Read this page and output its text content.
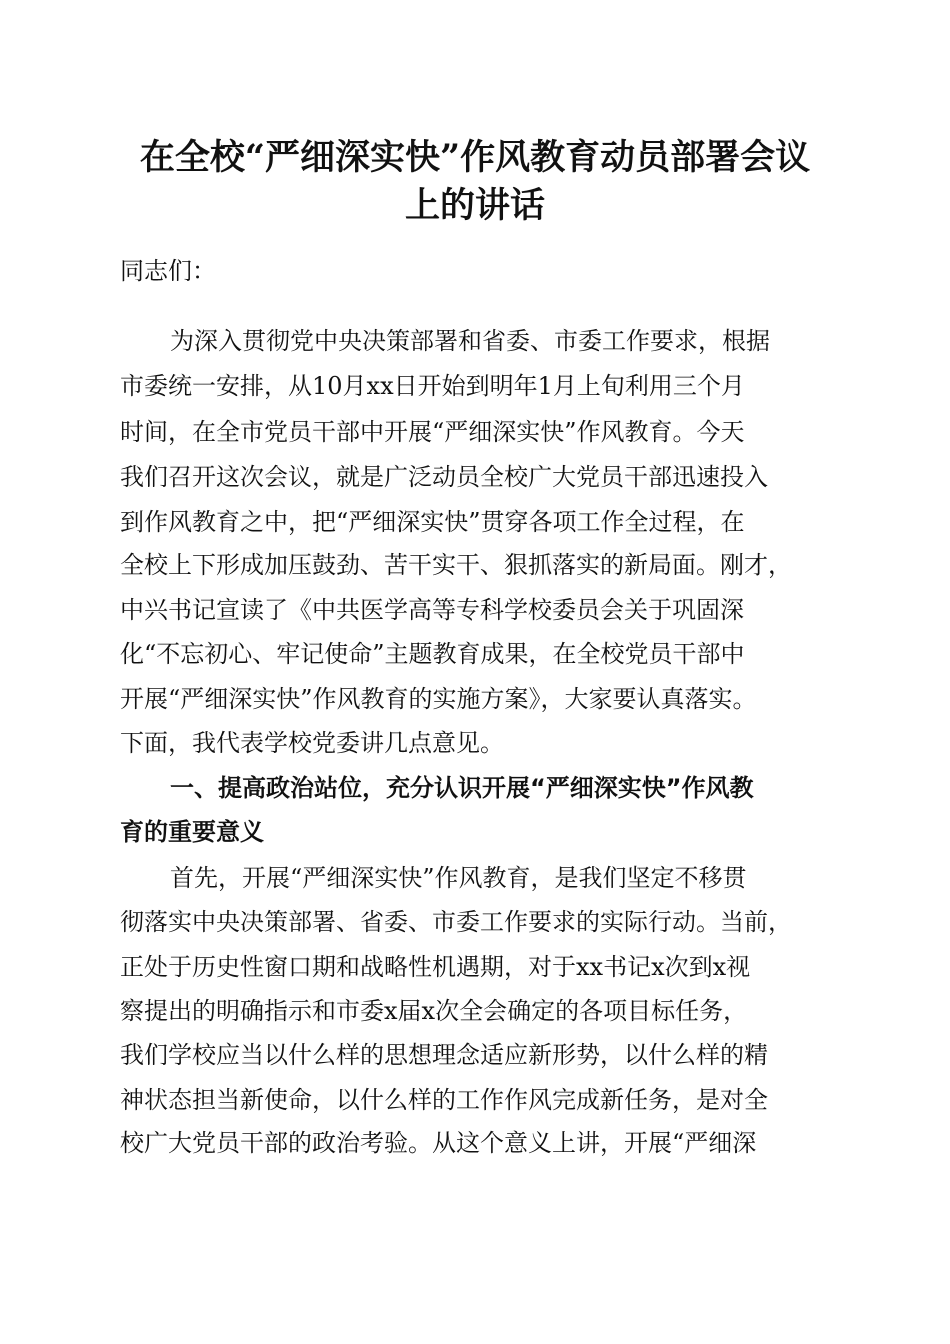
在全校“严细深实快”作风教育动员部署会议
上的讲话

同志们：

为深入贯彻党中央决策部署和省委、市委工作要求，根据

市委统一安排，从10月xx日开始到明年1月上旬利用三个月

时间，在全市党员干部中开展“严细深实快”作风教育。今天

我们召开这次会议，就是广泛动员全校广大党员干部迅速投入

到作风教育之中，把“严细深实快”贯穿各项工作全过程，在

全校上下形成加压鼓劲、苦干实干、狠抓落实的新局面。刚才，

中兴书记宣读了《中共医学高等专科学校委员会关于巩固深

化“不忘初心、牢记使命”主题教育成果，在全校党员干部中

开展“严细深实快”作风教育的实施方案》，大家要认真落实。

下面，我代表学校党委讲几点意见。

一、提高政治站位，充分认识开展“严细深实快”作风教

育的重要意义

首先，开展“严细深实快”作风教育，是我们坚定不移贯

彻落实中央决策部署、省委、市委工作要求的实际行动。当前，

正处于历史性窗口期和战略性机遇期，对于xx书记x次到x视

察提出的明确指示和市委x届x次全会确定的各项目标任务，

我们学校应当以什么样的思想理念适应新形势，以什么样的精

神状态担当新使命，以什么样的工作作风完成新任务，是对全

校广大党员干部的政治考验。从这个意义上讲，开展“严细深
